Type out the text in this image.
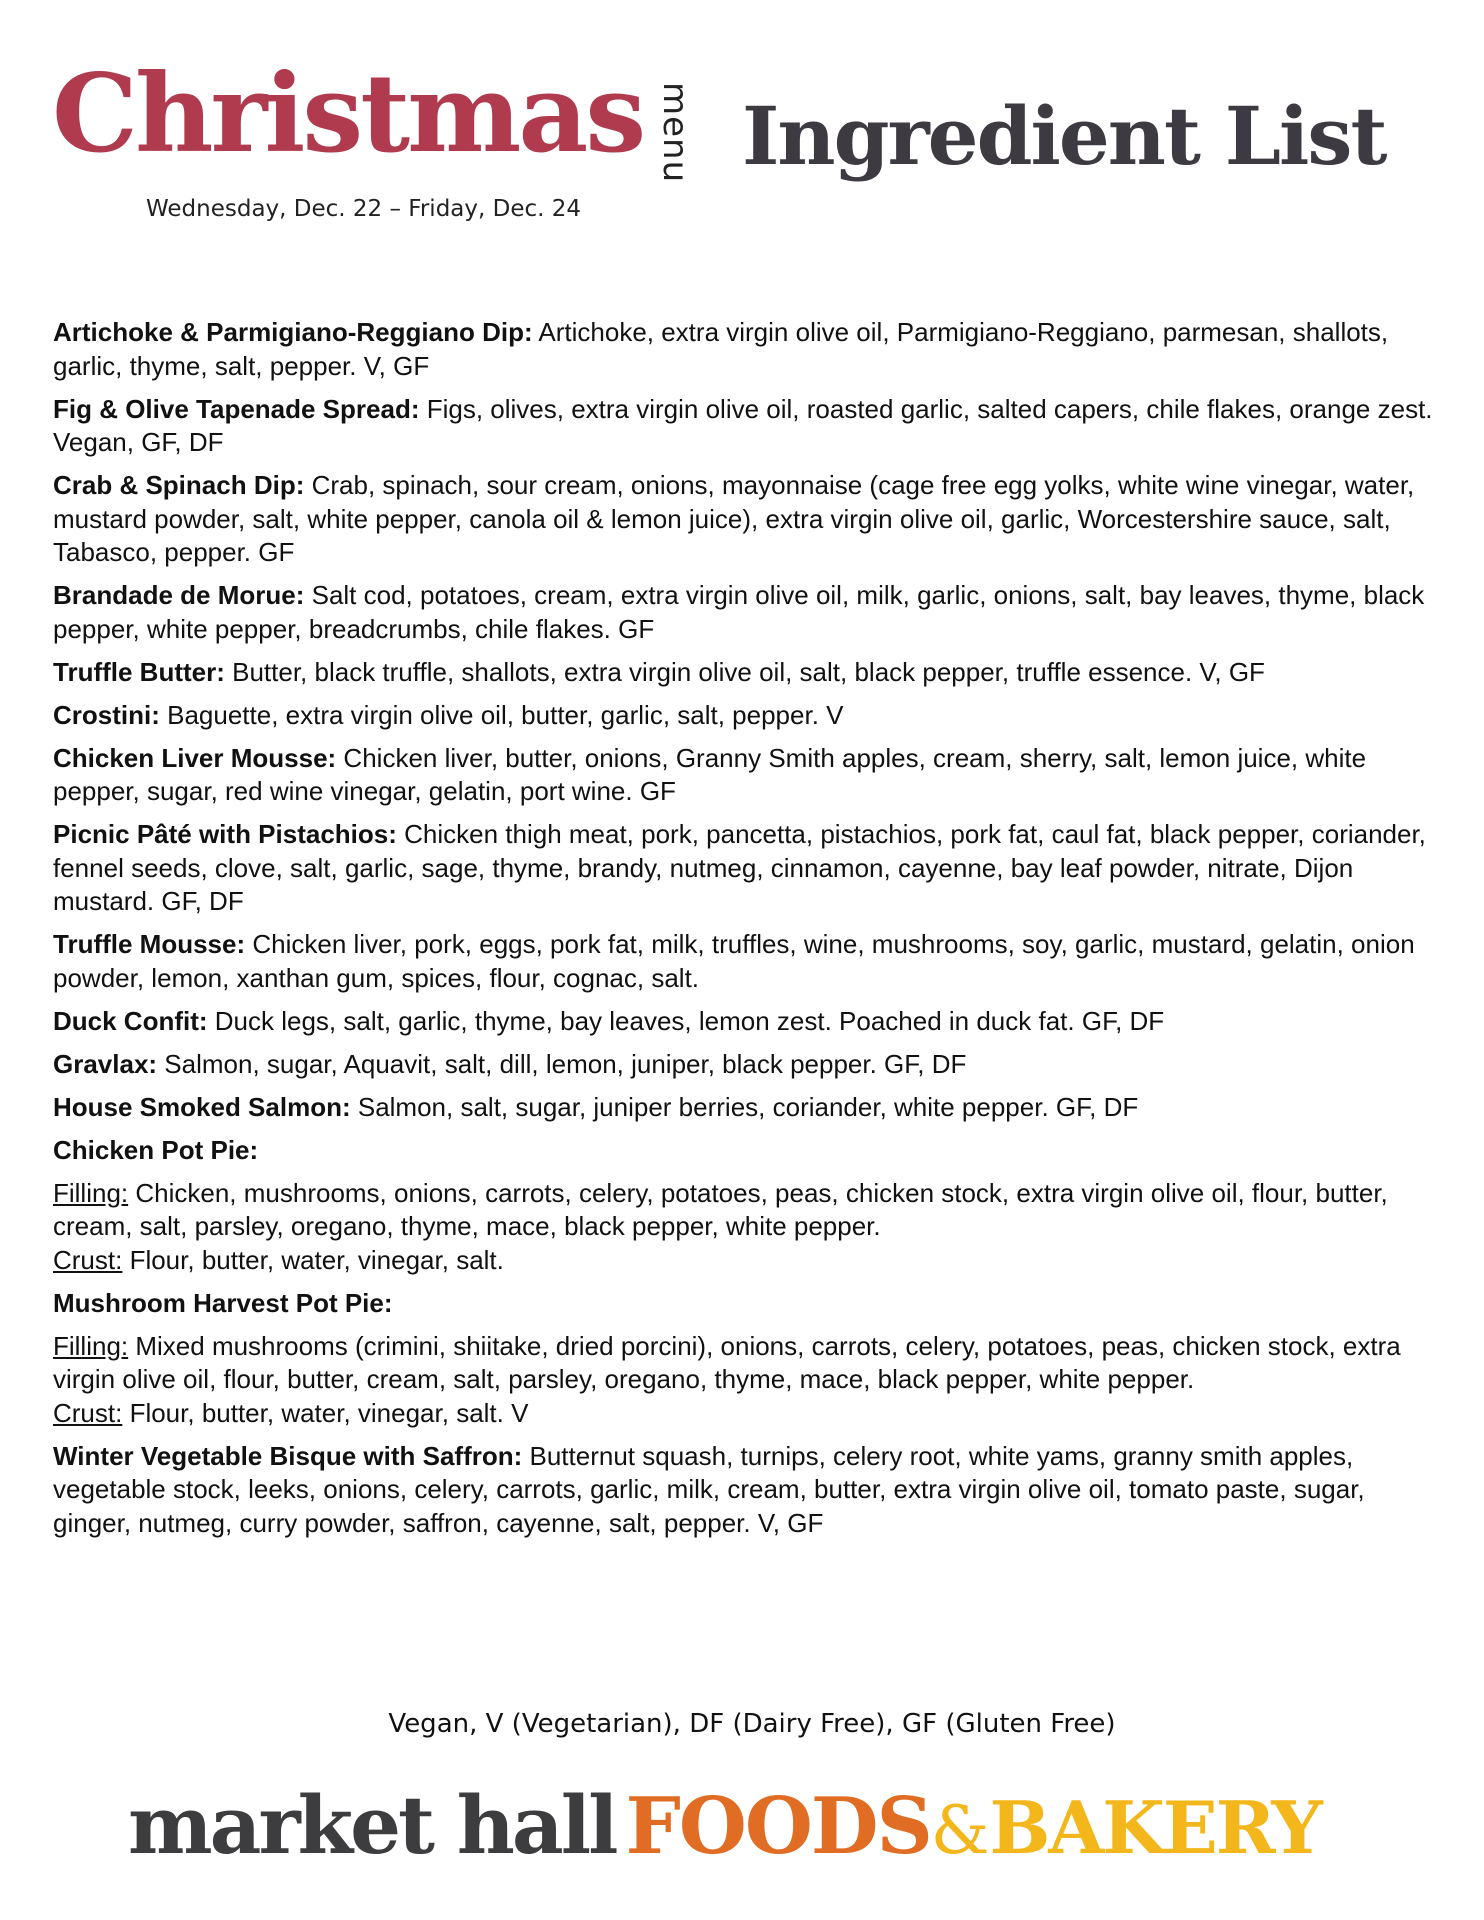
Christmas menu
Wednesday, Dec. 22 – Friday, Dec. 24
Ingredient List

Artichoke & Parmigiano-Reggiano Dip: Artichoke, extra virgin olive oil, Parmigiano-Reggiano, parmesan, shallots, garlic, thyme, salt, pepper. V, GF

Fig & Olive Tapenade Spread: Figs, olives, extra virgin olive oil, roasted garlic, salted capers, chile flakes, orange zest. Vegan, GF, DF

Crab & Spinach Dip: Crab, spinach, sour cream, onions, mayonnaise (cage free egg yolks, white wine vinegar, water, mustard powder, salt, white pepper, canola oil & lemon juice), extra virgin olive oil, garlic, Worcestershire sauce, salt, Tabasco, pepper. GF

Brandade de Morue: Salt cod, potatoes, cream, extra virgin olive oil, milk, garlic, onions, salt, bay leaves, thyme, black pepper, white pepper, breadcrumbs, chile flakes. GF

Truffle Butter: Butter, black truffle, shallots, extra virgin olive oil, salt, black pepper, truffle essence. V, GF

Crostini: Baguette, extra virgin olive oil, butter, garlic, salt, pepper. V

Chicken Liver Mousse: Chicken liver, butter, onions, Granny Smith apples, cream, sherry, salt, lemon juice, white pepper, sugar, red wine vinegar, gelatin, port wine. GF

Picnic Pâté with Pistachios: Chicken thigh meat, pork, pancetta, pistachios, pork fat, caul fat, black pepper, coriander, fennel seeds, clove, salt, garlic, sage, thyme, brandy, nutmeg, cinnamon, cayenne, bay leaf powder, nitrate, Dijon mustard. GF, DF

Truffle Mousse: Chicken liver, pork, eggs, pork fat, milk, truffles, wine, mushrooms, soy, garlic, mustard, gelatin, onion powder, lemon, xanthan gum, spices, flour, cognac, salt.

Duck Confit: Duck legs, salt, garlic, thyme, bay leaves, lemon zest. Poached in duck fat. GF, DF

Gravlax: Salmon, sugar, Aquavit, salt, dill, lemon, juniper, black pepper. GF, DF

House Smoked Salmon: Salmon, salt, sugar, juniper berries, coriander, white pepper. GF, DF

Chicken Pot Pie:

Filling: Chicken, mushrooms, onions, carrots, celery, potatoes, peas, chicken stock, extra virgin olive oil, flour, butter, cream, salt, parsley, oregano, thyme, mace, black pepper, white pepper.

Crust: Flour, butter, water, vinegar, salt.

Mushroom Harvest Pot Pie:

Filling: Mixed mushrooms (crimini, shiitake, dried porcini), onions, carrots, celery, potatoes, peas, chicken stock, extra virgin olive oil, flour, butter, cream, salt, parsley, oregano, thyme, mace, black pepper, white pepper.

Crust: Flour, butter, water, vinegar, salt. V

Winter Vegetable Bisque with Saffron: Butternut squash, turnips, celery root, white yams, granny smith apples, vegetable stock, leeks, onions, celery, carrots, garlic, milk, cream, butter, extra virgin olive oil, tomato paste, sugar, ginger, nutmeg, curry powder, saffron, cayenne, salt, pepper. V, GF

Vegan, V (Vegetarian), DF (Dairy Free), GF (Gluten Free)
market hall FOODS&BAKERY
